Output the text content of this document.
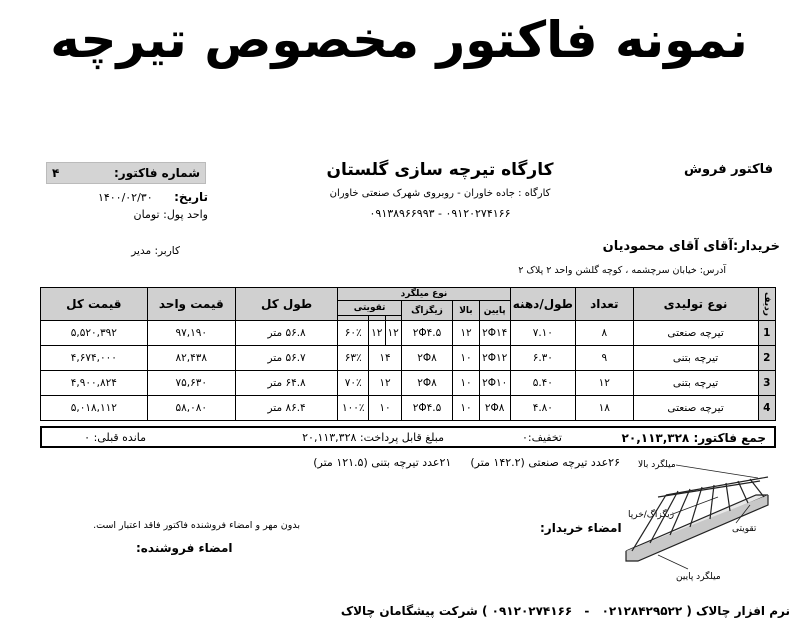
نمونه فاکتور مخصوص تیرچه
فاکتور فروش
شماره فاکتور:
۴	کارگاه تیرچه سازی گلستان
کارگاه : جاده خاوران - روبروی شهرک صنعتی خاوران
۰۹۱۲۰۲۷۴۱۶۶ - ۰۹۱۳۸۹۶۶۹۹۳
تاریخ: ۱۴۰۰/۰۲/۳۰
واحد پول: تومان
خریدار:آقای آقای محمودیان
آدرس: خیابان سرچشمه ، کوچه گلشن واحد ۲ پلاک ۲
کاربر: مدیر
ردیف	نوع تولیدی	تعداد	طول/دهنه	نوع میلگرد						طول کل	قیمت واحد	قیمت کل
				پایین	بالا	زیگزاگ	تقویتی					

1	تیرچه صنعتی	۸	۷.۱۰	۲Φ۱۴	۱۲	۲Φ۴.۵	۱۲	۱۲	۶۰٪	۵۶.۸ متر	۹۷,۱۹۰	۵,۵۲۰,۳۹۲
2	تیرچه بتنی	۹	۶.۳۰	۲Φ۱۲	۱۰	۲Φ۸	۱۴		۶۳٪	۵۶.۷ متر	۸۲,۴۳۸	۴,۶۷۴,۰۰۰
3	تیرچه بتنی	۱۲	۵.۴۰	۲Φ۱۰	۱۰	۲Φ۸	۱۲		۷۰٪	۶۴.۸ متر	۷۵,۶۳۰	۴,۹۰۰,۸۲۴
4	تیرچه صنعتی	۱۸	۴.۸۰	۲Φ۸	۱۰	۲Φ۴.۵	۱۰		۱۰۰٪	۸۶.۴ متر	۵۸,۰۸۰	۵,۰۱۸,۱۱۲
جمع فاکتور: ۲۰,۱۱۳,۳۲۸
تخفیف:۰
مبلغ قابل پرداخت: ۲۰,۱۱۳,۳۲۸
مانده قبلی: ۰
۲۶عدد تیرچه صنعتی (۱۴۲.۲ متر)  ۲۱عدد تیرچه بتنی (۱۲۱.۵ متر)
بدون مهر و امضاء فروشنده فاکتور فاقد اعتبار است.
امضاء فروشنده:
امضاء خریدار:
میلگرد بالا
زیگزاگ/خرپا
تقویتی
میلگرد پایین
نرم افزار چالاک ( ۰۲۱۲۸۴۲۹۵۲۲ - ۰۹۱۲۰۲۷۴۱۶۶ ) شرکت پیشگامان چالاک
